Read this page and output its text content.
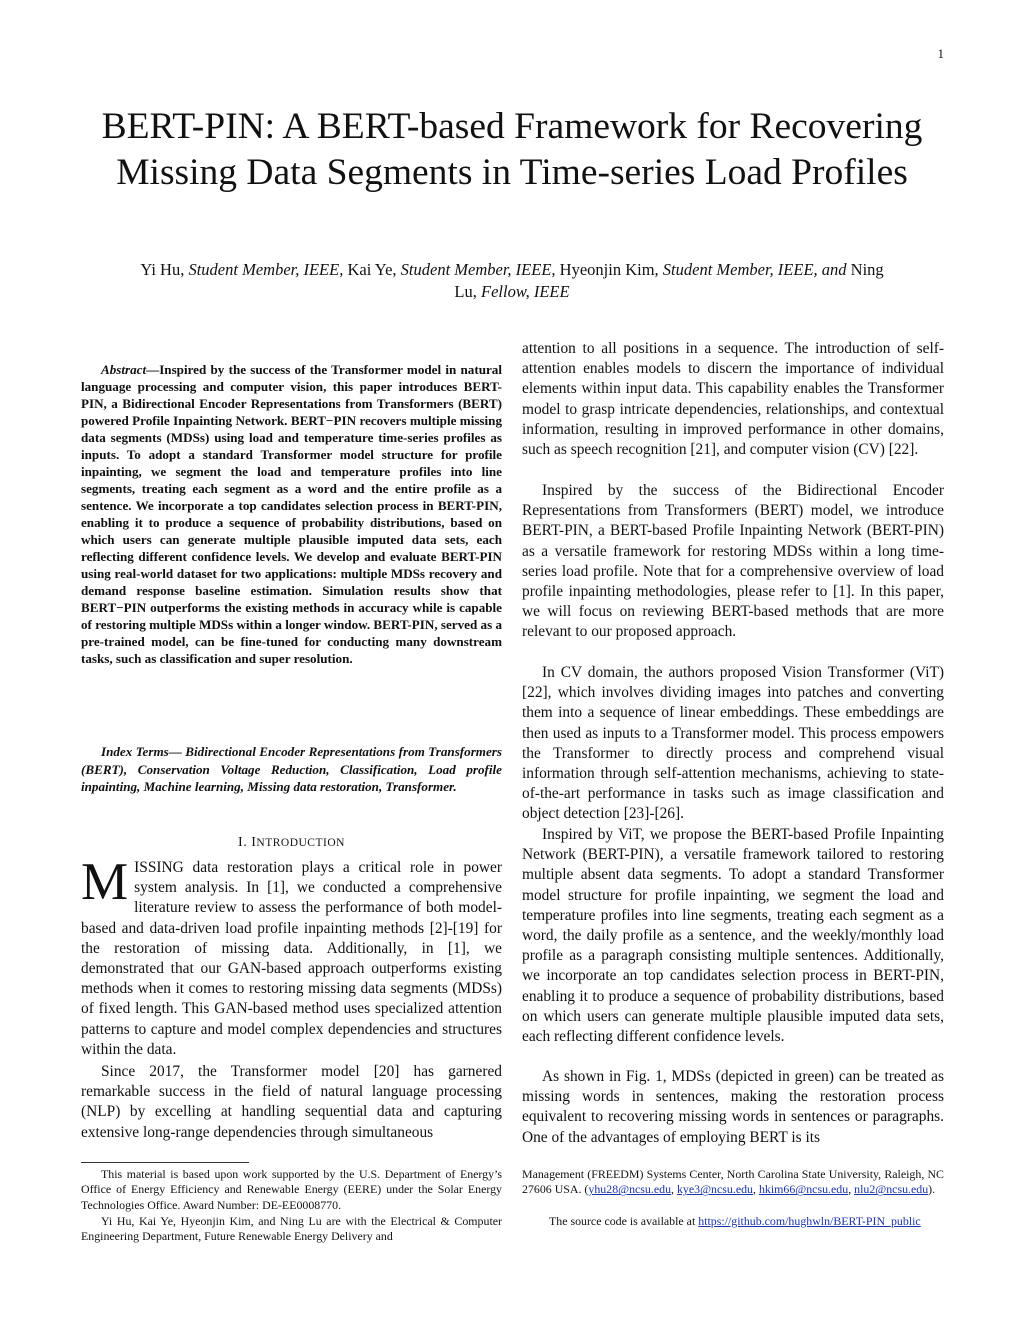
1
BERT-PIN: A BERT-based Framework for Recovering Missing Data Segments in Time-series Load Profiles
Yi Hu, Student Member, IEEE, Kai Ye, Student Member, IEEE, Hyeonjin Kim, Student Member, IEEE, and Ning Lu, Fellow, IEEE

Abstract—Inspired by the success of the Transformer model in natural language processing and computer vision, this paper introduces BERT-PIN, a Bidirectional Encoder Representations from Transformers (BERT) powered Profile Inpainting Network. BERT−PIN recovers multiple missing data segments (MDSs) using load and temperature time-series profiles as inputs. To adopt a standard Transformer model structure for profile inpainting, we segment the load and temperature profiles into line segments, treating each segment as a word and the entire profile as a sentence. We incorporate a top candidates selection process in BERT-PIN, enabling it to produce a sequence of probability distributions, based on which users can generate multiple plausible imputed data sets, each reflecting different confidence levels. We develop and evaluate BERT-PIN using real-world dataset for two applications: multiple MDSs recovery and demand response baseline estimation. Simulation results show that BERT−PIN outperforms the existing methods in accuracy while is capable of restoring multiple MDSs within a longer window. BERT-PIN, served as a pre-trained model, can be fine-tuned for conducting many downstream tasks, such as classification and super resolution.

Index Terms— Bidirectional Encoder Representations from Transformers (BERT), Conservation Voltage Reduction, Classification, Load profile inpainting, Machine learning, Missing data restoration, Transformer.

I. INTRODUCTION

MISSING data restoration plays a critical role in power system analysis. In [1], we conducted a comprehensive literature review to assess the performance of both model-based and data-driven load profile inpainting methods [2]-[19] for the restoration of missing data. Additionally, in [1], we demonstrated that our GAN-based approach outperforms existing methods when it comes to restoring missing data segments (MDSs) of fixed length. This GAN-based method uses specialized attention patterns to capture and model complex dependencies and structures within the data.

Since 2017, the Transformer model [20] has garnered remarkable success in the field of natural language processing (NLP) by excelling at handling sequential data and capturing extensive long-range dependencies through simultaneous

attention to all positions in a sequence. The introduction of self-attention enables models to discern the importance of individual elements within input data. This capability enables the Transformer model to grasp intricate dependencies, relationships, and contextual information, resulting in improved performance in other domains, such as speech recognition [21], and computer vision (CV) [22].

Inspired by the success of the Bidirectional Encoder Representations from Transformers (BERT) model, we introduce BERT-PIN, a BERT-based Profile Inpainting Network (BERT-PIN) as a versatile framework for restoring MDSs within a long time-series load profile. Note that for a comprehensive overview of load profile inpainting methodologies, please refer to [1]. In this paper, we will focus on reviewing BERT-based methods that are more relevant to our proposed approach.

In CV domain, the authors proposed Vision Transformer (ViT) [22], which involves dividing images into patches and converting them into a sequence of linear embeddings. These embeddings are then used as inputs to a Transformer model. This process empowers the Transformer to directly process and comprehend visual information through self-attention mechanisms, achieving to state-of-the-art performance in tasks such as image classification and object detection [23]-[26].

Inspired by ViT, we propose the BERT-based Profile Inpainting Network (BERT-PIN), a versatile framework tailored to restoring multiple absent data segments. To adopt a standard Transformer model structure for profile inpainting, we segment the load and temperature profiles into line segments, treating each segment as a word, the daily profile as a sentence, and the weekly/monthly load profile as a paragraph consisting multiple sentences. Additionally, we incorporate an top candidates selection process in BERT-PIN, enabling it to produce a sequence of probability distributions, based on which users can generate multiple plausible imputed data sets, each reflecting different confidence levels.

As shown in Fig. 1, MDSs (depicted in green) can be treated as missing words in sentences, making the restoration process equivalent to recovering missing words in sentences or paragraphs. One of the advantages of employing BERT is its

This material is based upon work supported by the U.S. Department of Energy’s Office of Energy Efficiency and Renewable Energy (EERE) under the Solar Energy Technologies Office. Award Number: DE-EE0008770.

Yi Hu, Kai Ye, Hyeonjin Kim, and Ning Lu are with the Electrical & Computer Engineering Department, Future Renewable Energy Delivery and

Management (FREEDM) Systems Center, North Carolina State University, Raleigh, NC 27606 USA. (yhu28@ncsu.edu, kye3@ncsu.edu, hkim66@ncsu.edu, nlu2@ncsu.edu).

The source code is available at https://github.com/hughwln/BERT-PIN_public
